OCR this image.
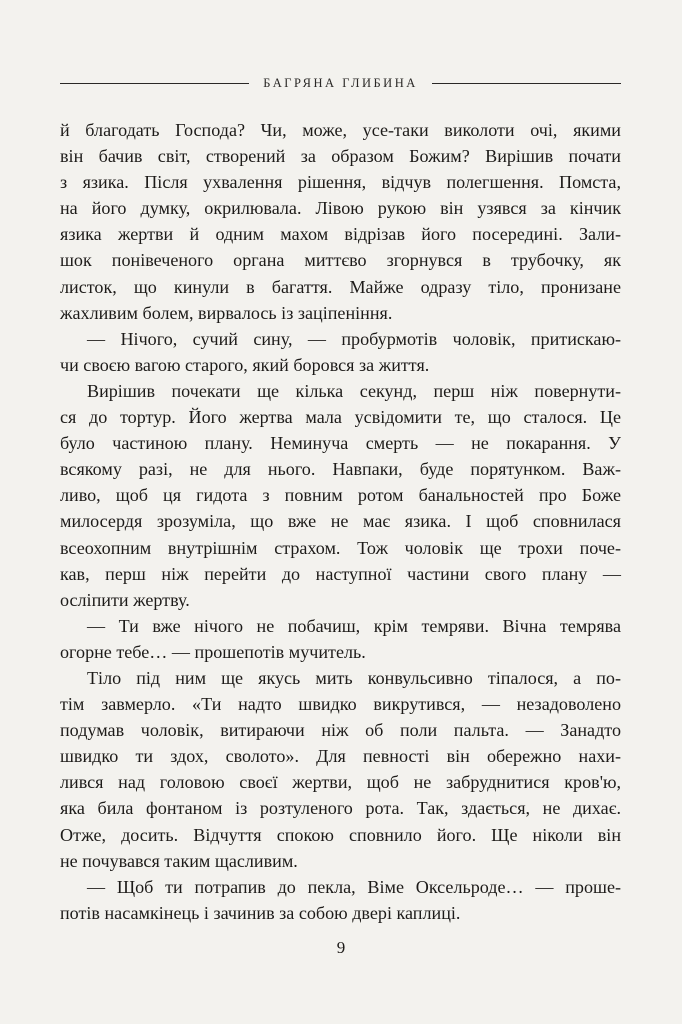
БАГРЯНА ГЛИБИНА
й благодать Господа? Чи, може, усе-таки виколоти очі, якими
він бачив світ, створений за образом Божим? Вирішив почати
з язика. Після ухвалення рішення, відчув полегшення. Помста,
на його думку, окрилювала. Лівою рукою він узявся за кінчик
язика жертви й одним махом відрізав його посередині. Зали-
шок понівеченого органа миттєво згорнувся в трубочку, як
листок, що кинули в багаття. Майже одразу тіло, пронизане
жахливим болем, вирвалось із заціпеніння.
— Нічого, сучий сину, — пробурмотів чоловік, притискаю-
чи своєю вагою старого, який боровся за життя.
Вирішив почекати ще кілька секунд, перш ніж повернути-
ся до тортур. Його жертва мала усвідомити те, що сталося. Це
було частиною плану. Неминуча смерть — не покарання. У
всякому разі, не для нього. Навпаки, буде порятунком. Важ-
ливо, щоб ця гидота з повним ротом банальностей про Боже
милосердя зрозуміла, що вже не має язика. І щоб сповнилася
всеохопним внутрішнім страхом. Тож чоловік ще трохи поче-
кав, перш ніж перейти до наступної частини свого плану —
осліпити жертву.
— Ти вже нічого не побачиш, крім темряви. Вічна темрява
огорне тебе… — прошепотів мучитель.
Тіло під ним ще якусь мить конвульсивно тіпалося, а по-
тім завмерло. «Ти надто швидко викрутився, — незадоволено
подумав чоловік, витираючи ніж об поли пальта. — Занадто
швидко ти здох, сволото». Для певності він обережно нахи-
лився над головою своєї жертви, щоб не забруднитися кров'ю,
яка била фонтаном із розтуленого рота. Так, здається, не дихає.
Отже, досить. Відчуття спокою сповнило його. Ще ніколи він
не почувався таким щасливим.
— Щоб ти потрапив до пекла, Віме Оксельроде… — проше-
потів насамкінець і зачинив за собою двері каплиці.
9
